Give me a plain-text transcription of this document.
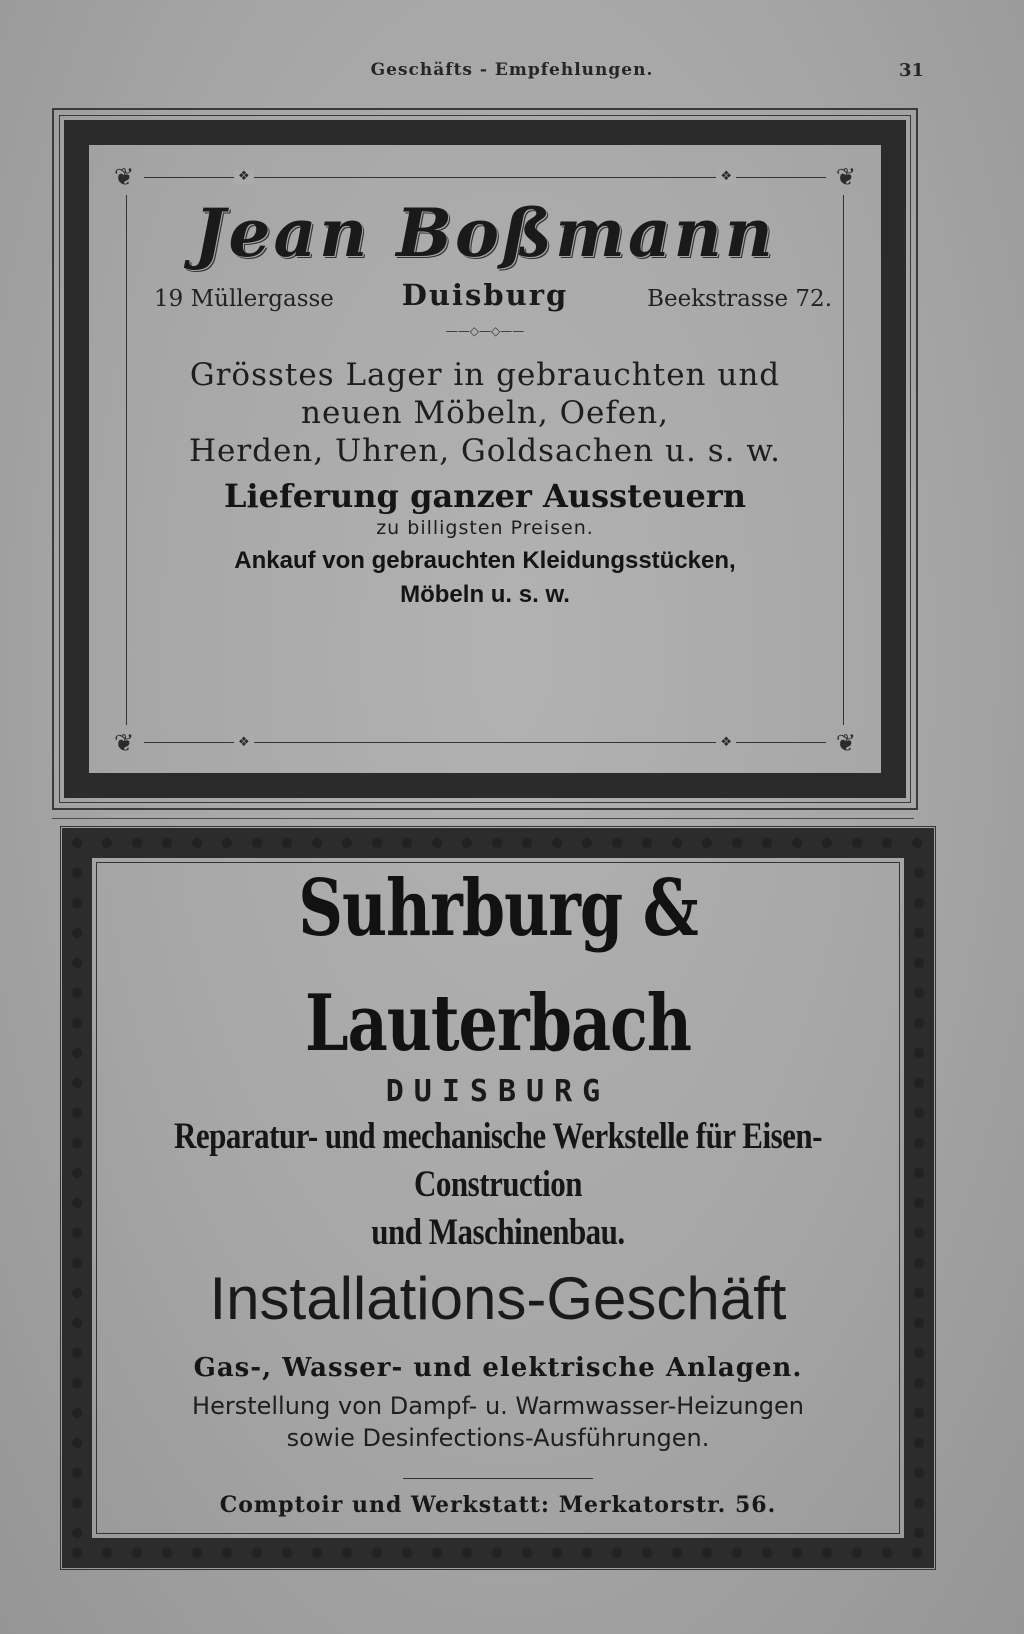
Geschäfts - Empfehlungen.	31
❦	❦
❦	❦
❖	❖
❖	❖
Jean Boßmann
19 Müllergasse	Duisburg	Beekstrasse 72.
——◇—◇——
Grösstes Lager in gebrauchten und
neuen Möbeln, Oefen,
Herden, Uhren, Goldsachen u. s. w.
Lieferung ganzer Aussteuern
zu billigsten Preisen.
Ankauf von gebrauchten Kleidungsstücken,
Möbeln u. s. w.
Suhrburg & Lauterbach
DUISBURG
Reparatur- und mechanische Werkstelle für Eisen-Construction
und Maschinenbau.
Installations-Geschäft
Gas-, Wasser- und elektrische Anlagen.
Herstellung von Dampf- u. Warmwasser-Heizungen
sowie Desinfections-Ausführungen.
Comptoir und Werkstatt: Merkatorstr. 56.
